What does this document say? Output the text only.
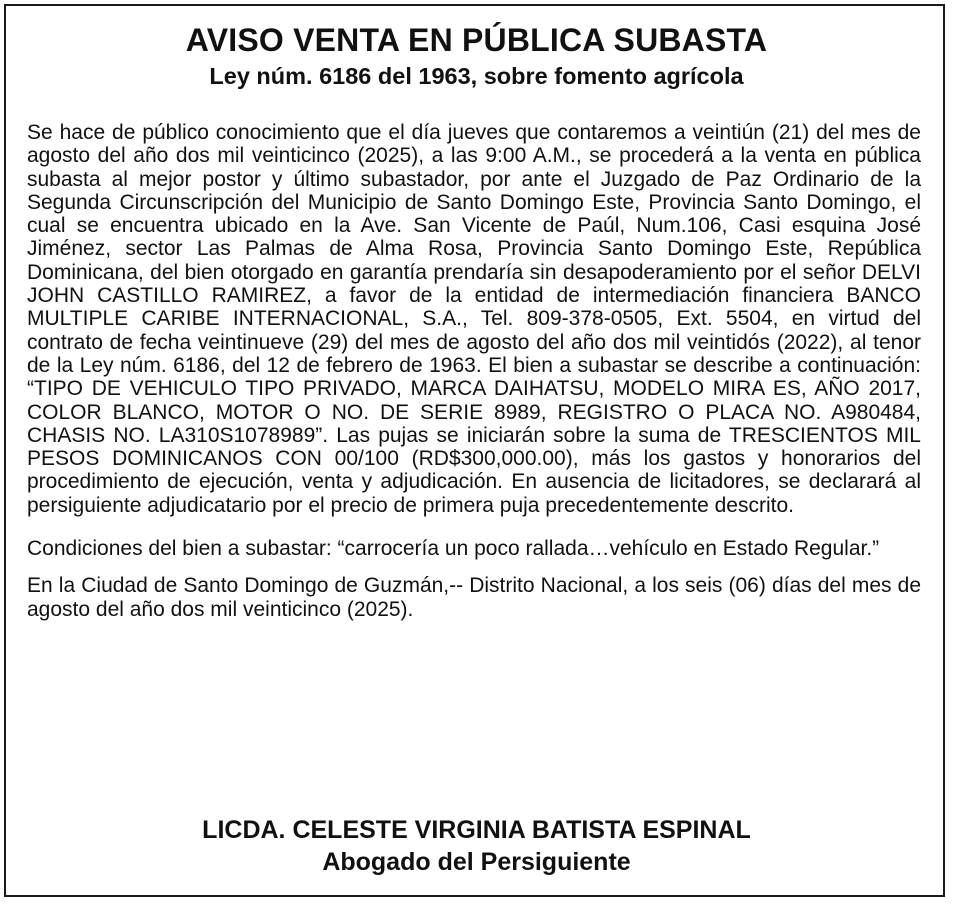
AVISO VENTA EN PÚBLICA SUBASTA
Ley núm. 6186 del 1963, sobre fomento agrícola

Se hace de público conocimiento que el día jueves que contaremos a veintiún (21) del mes de agosto del año dos mil veinticinco (2025), a las 9:00 A.M., se procederá a la venta en pública subasta al mejor postor y último subastador, por ante el Juzgado de Paz Ordinario de la Segunda Circunscripción del Municipio de Santo Domingo Este, Provincia Santo Domingo, el cual se encuentra ubicado en la Ave. San Vicente de Paúl, Num.106, Casi esquina José Jiménez, sector Las Palmas de Alma Rosa, Provincia Santo Domingo Este, República Dominicana, del bien otorgado en garantía prendaría sin desapoderamiento por el señor DELVI JOHN CASTILLO RAMIREZ, a favor de la entidad de intermediación financiera BANCO MULTIPLE CARIBE INTERNACIONAL, S.A., Tel. 809-378-0505, Ext. 5504, en virtud del contrato de fecha veintinueve (29) del mes de agosto del año dos mil veintidós (2022), al tenor de la Ley núm. 6186, del 12 de febrero de 1963. El bien a subastar se describe a continuación: “TIPO DE VEHICULO TIPO PRIVADO, MARCA DAIHATSU, MODELO MIRA ES, AÑO 2017, COLOR BLANCO, MOTOR O NO. DE SERIE 8989, REGISTRO O PLACA NO. A980484, CHASIS NO. LA310S1078989”. Las pujas se iniciarán sobre la suma de TRESCIENTOS MIL PESOS DOMINICANOS CON 00/100 (RD$300,000.00), más los gastos y honorarios del procedimiento de ejecución, venta y adjudicación. En ausencia de licitadores, se declarará al persiguiente adjudicatario por el precio de primera puja precedentemente descrito.

Condiciones del bien a subastar: “carrocería un poco rallada…vehículo en Estado Regular.”

En la Ciudad de Santo Domingo de Guzmán,-- Distrito Nacional, a los seis (06) días del mes de agosto del año dos mil veinticinco (2025).

LICDA. CELESTE VIRGINIA BATISTA ESPINAL
Abogado del Persiguiente
